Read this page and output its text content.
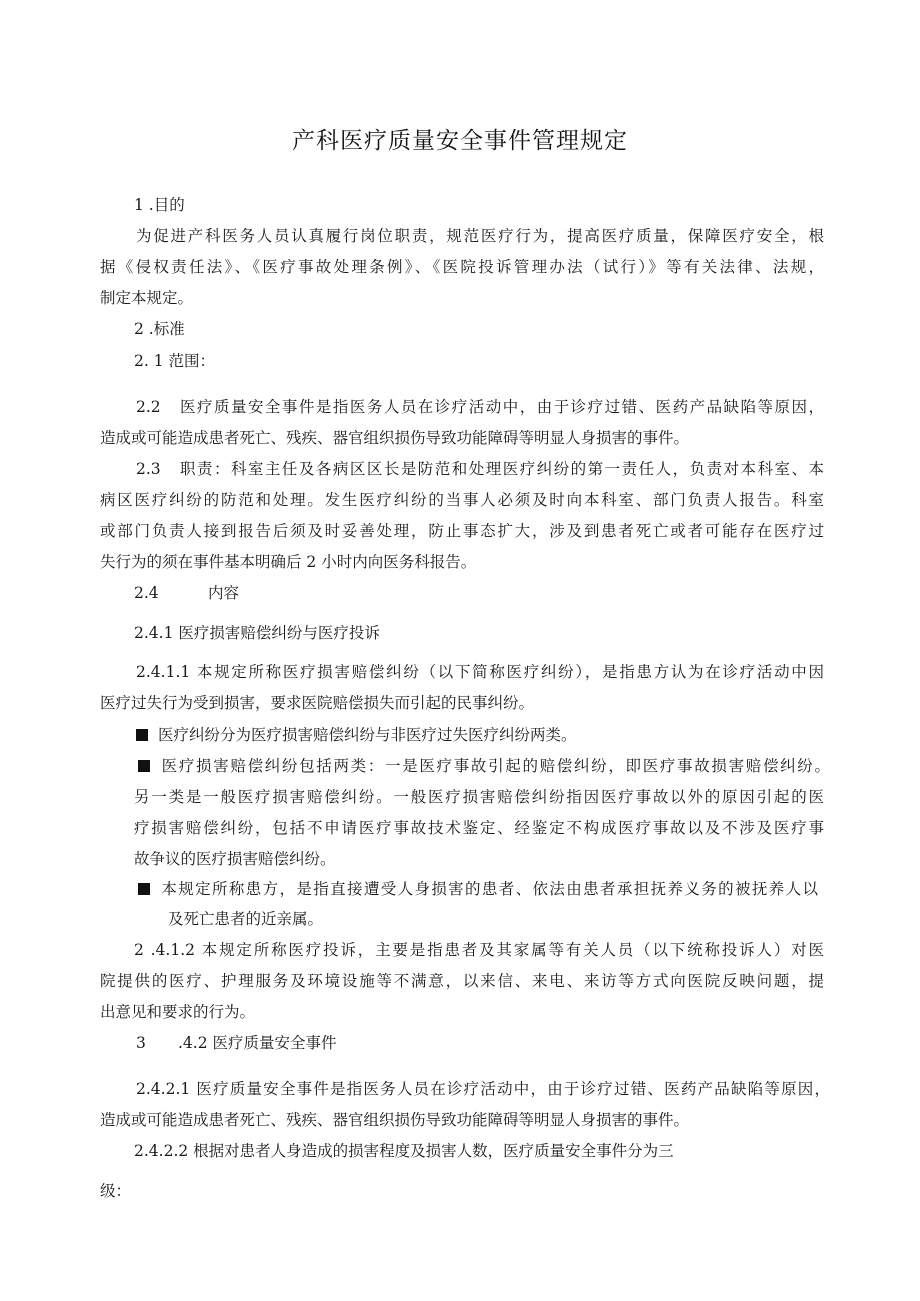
产科医疗质量安全事件管理规定
1 .目的
为促进产科医务人员认真履行岗位职责，规范医疗行为，提高医疗质量，保障医疗安全，根
据《侵权责任法》、《医疗事故处理条例》、《医院投诉管理办法（试行）》等有关法律、法规，
制定本规定。
2 .标准
2. 1 范围：
2.2 医疗质量安全事件是指医务人员在诊疗活动中，由于诊疗过错、医药产品缺陷等原因，
造成或可能造成患者死亡、残疾、器官组织损伤导致功能障碍等明显人身损害的事件。
2.3 职责：科室主任及各病区区长是防范和处理医疗纠纷的第一责任人，负责对本科室、本
病区医疗纠纷的防范和处理。发生医疗纠纷的当事人必须及时向本科室、部门负责人报告。科室
或部门负责人接到报告后须及时妥善处理，防止事态扩大，涉及到患者死亡或者可能存在医疗过
失行为的须在事件基本明确后 2 小时内向医务科报告。
2.4	内容
2.4.1 医疗损害赔偿纠纷与医疗投诉
2.4.1.1 本规定所称医疗损害赔偿纠纷（以下简称医疗纠纷），是指患方认为在诊疗活动中因
医疗过失行为受到损害，要求医院赔偿损失而引起的民事纠纷。
医疗纠纷分为医疗损害赔偿纠纷与非医疗过失医疗纠纷两类。
医疗损害赔偿纠纷包括两类：一是医疗事故引起的赔偿纠纷，即医疗事故损害赔偿纠纷。
另一类是一般医疗损害赔偿纠纷。一般医疗损害赔偿纠纷指因医疗事故以外的原因引起的医
疗损害赔偿纠纷，包括不申请医疗事故技术鉴定、经鉴定不构成医疗事故以及不涉及医疗事
故争议的医疗损害赔偿纠纷。
本规定所称患方，是指直接遭受人身损害的患者、依法由患者承担抚养义务的被抚养人以
及死亡患者的近亲属。
2 .4.1.2 本规定所称医疗投诉，主要是指患者及其家属等有关人员（以下统称投诉人）对医
院提供的医疗、护理服务及环境设施等不满意，以来信、来电、来访等方式向医院反映问题，提
出意见和要求的行为。
3 .4.2 医疗质量安全事件
2.4.2.1 医疗质量安全事件是指医务人员在诊疗活动中，由于诊疗过错、医药产品缺陷等原因，
造成或可能造成患者死亡、残疾、器官组织损伤导致功能障碍等明显人身损害的事件。
2.4.2.2 根据对患者人身造成的损害程度及损害人数，医疗质量安全事件分为三
级：
